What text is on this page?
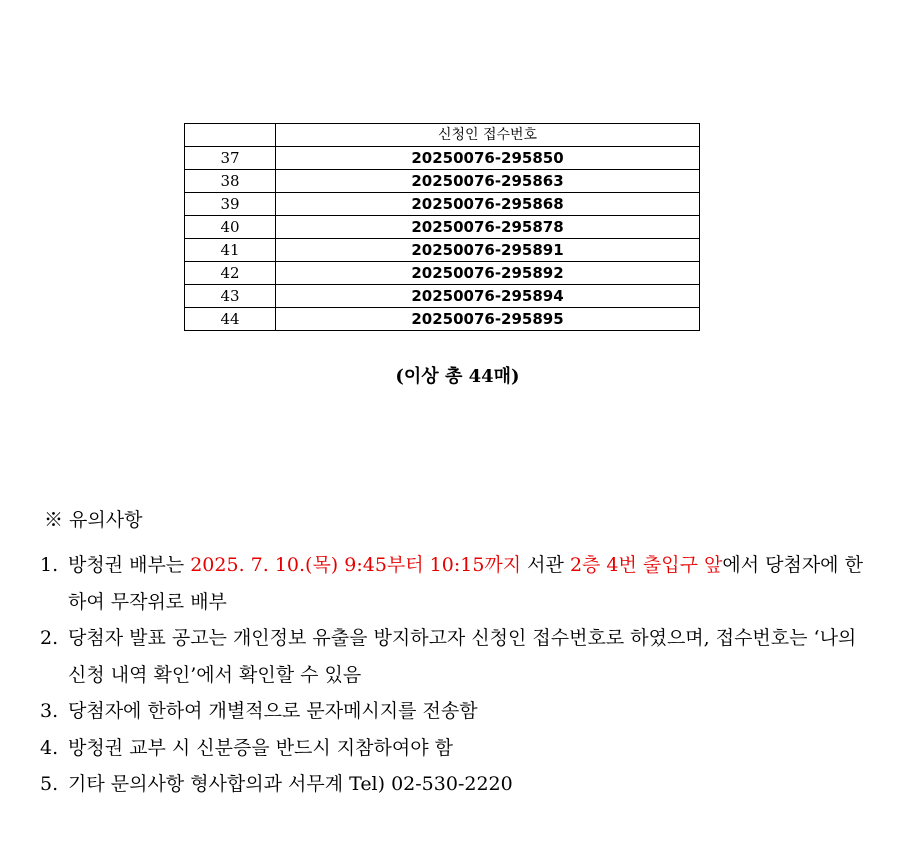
	신청인 접수번호
37	20250076-295850
38	20250076-295863
39	20250076-295868
40	20250076-295878
41	20250076-295891
42	20250076-295892
43	20250076-295894
44	20250076-295895
(이상 총 44매)
※ 유의사항
1. 방청권 배부는 2025. 7. 10.(목) 9:45부터 10:15까지 서관 2층 4번 출입구 앞에서 당첨자에 한하여 무작위로 배부
2. 당첨자 발표 공고는 개인정보 유출을 방지하고자 신청인 접수번호로 하였으며, 접수번호는 ‘나의 신청 내역 확인’에서 확인할 수 있음
3. 당첨자에 한하여 개별적으로 문자메시지를 전송함
4. 방청권 교부 시 신분증을 반드시 지참하여야 함
5. 기타 문의사항 형사합의과 서무계 Tel) 02-530-2220
